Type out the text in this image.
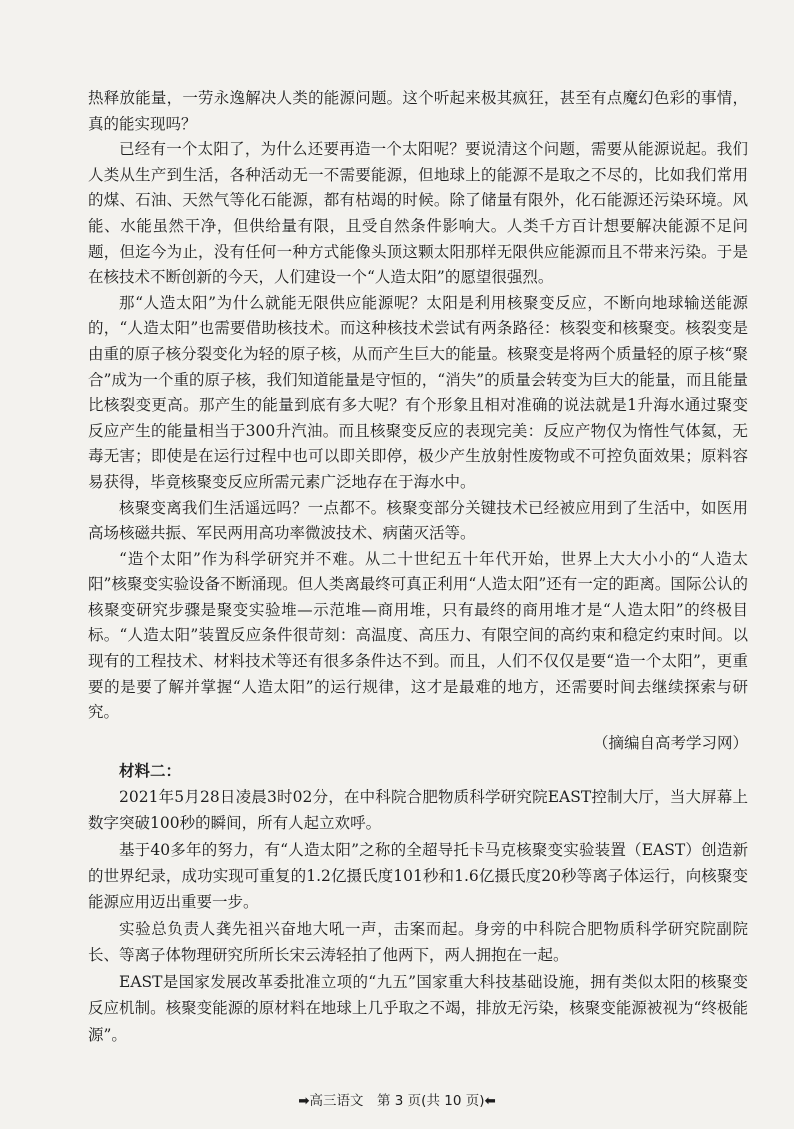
热释放能量，一劳永逸解决人类的能源问题。这个听起来极其疯狂，甚至有点魔幻色彩的事情，真的能实现吗？

已经有一个太阳了，为什么还要再造一个太阳呢？要说清这个问题，需要从能源说起。我们人类从生产到生活，各种活动无一不需要能源，但地球上的能源不是取之不尽的，比如我们常用的煤、石油、天然气等化石能源，都有枯竭的时候。除了储量有限外，化石能源还污染环境。风能、水能虽然干净，但供给量有限，且受自然条件影响大。人类千方百计想要解决能源不足问题，但迄今为止，没有任何一种方式能像头顶这颗太阳那样无限供应能源而且不带来污染。于是在核技术不断创新的今天，人们建设一个“人造太阳”的愿望很强烈。

那“人造太阳”为什么就能无限供应能源呢？太阳是利用核聚变反应，不断向地球输送能源的，“人造太阳”也需要借助核技术。而这种核技术尝试有两条路径：核裂变和核聚变。核裂变是由重的原子核分裂变化为轻的原子核，从而产生巨大的能量。核聚变是将两个质量轻的原子核“聚合”成为一个重的原子核，我们知道能量是守恒的，“消失”的质量会转变为巨大的能量，而且能量比核裂变更高。那产生的能量到底有多大呢？有个形象且相对准确的说法就是1升海水通过聚变反应产生的能量相当于300升汽油。而且核聚变反应的表现完美：反应产物仅为惰性气体氦，无毒无害；即使是在运行过程中也可以即关即停，极少产生放射性废物或不可控负面效果；原料容易获得，毕竟核聚变反应所需元素广泛地存在于海水中。

核聚变离我们生活遥远吗？一点都不。核聚变部分关键技术已经被应用到了生活中，如医用高场核磁共振、军民两用高功率微波技术、病菌灭活等。

“造个太阳”作为科学研究并不难。从二十世纪五十年代开始，世界上大大小小的“人造太阳”核聚变实验设备不断涌现。但人类离最终可真正利用“人造太阳”还有一定的距离。国际公认的核聚变研究步骤是聚变实验堆—示范堆—商用堆，只有最终的商用堆才是“人造太阳”的终极目标。“人造太阳”装置反应条件很苛刻：高温度、高压力、有限空间的高约束和稳定约束时间。以现有的工程技术、材料技术等还有很多条件达不到。而且，人们不仅仅是要“造一个太阳”，更重要的是要了解并掌握“人造太阳”的运行规律，这才是最难的地方，还需要时间去继续探索与研究。

（摘编自高考学习网）

材料二：

2021年5月28日凌晨3时02分，在中科院合肥物质科学研究院EAST控制大厅，当大屏幕上数字突破100秒的瞬间，所有人起立欢呼。

基于40多年的努力，有“人造太阳”之称的全超导托卡马克核聚变实验装置（EAST）创造新的世界纪录，成功实现可重复的1.2亿摄氏度101秒和1.6亿摄氏度20秒等离子体运行，向核聚变能源应用迈出重要一步。

实验总负责人龚先祖兴奋地大吼一声，击案而起。身旁的中科院合肥物质科学研究院副院长、等离子体物理研究所所长宋云涛轻拍了他两下，两人拥抱在一起。

EAST是国家发展改革委批准立项的“九五”国家重大科技基础设施，拥有类似太阳的核聚变反应机制。核聚变能源的原材料在地球上几乎取之不竭，排放无污染，核聚变能源被视为“终极能源”。

➡高三语文　第 3 页(共 10 页)⬅
